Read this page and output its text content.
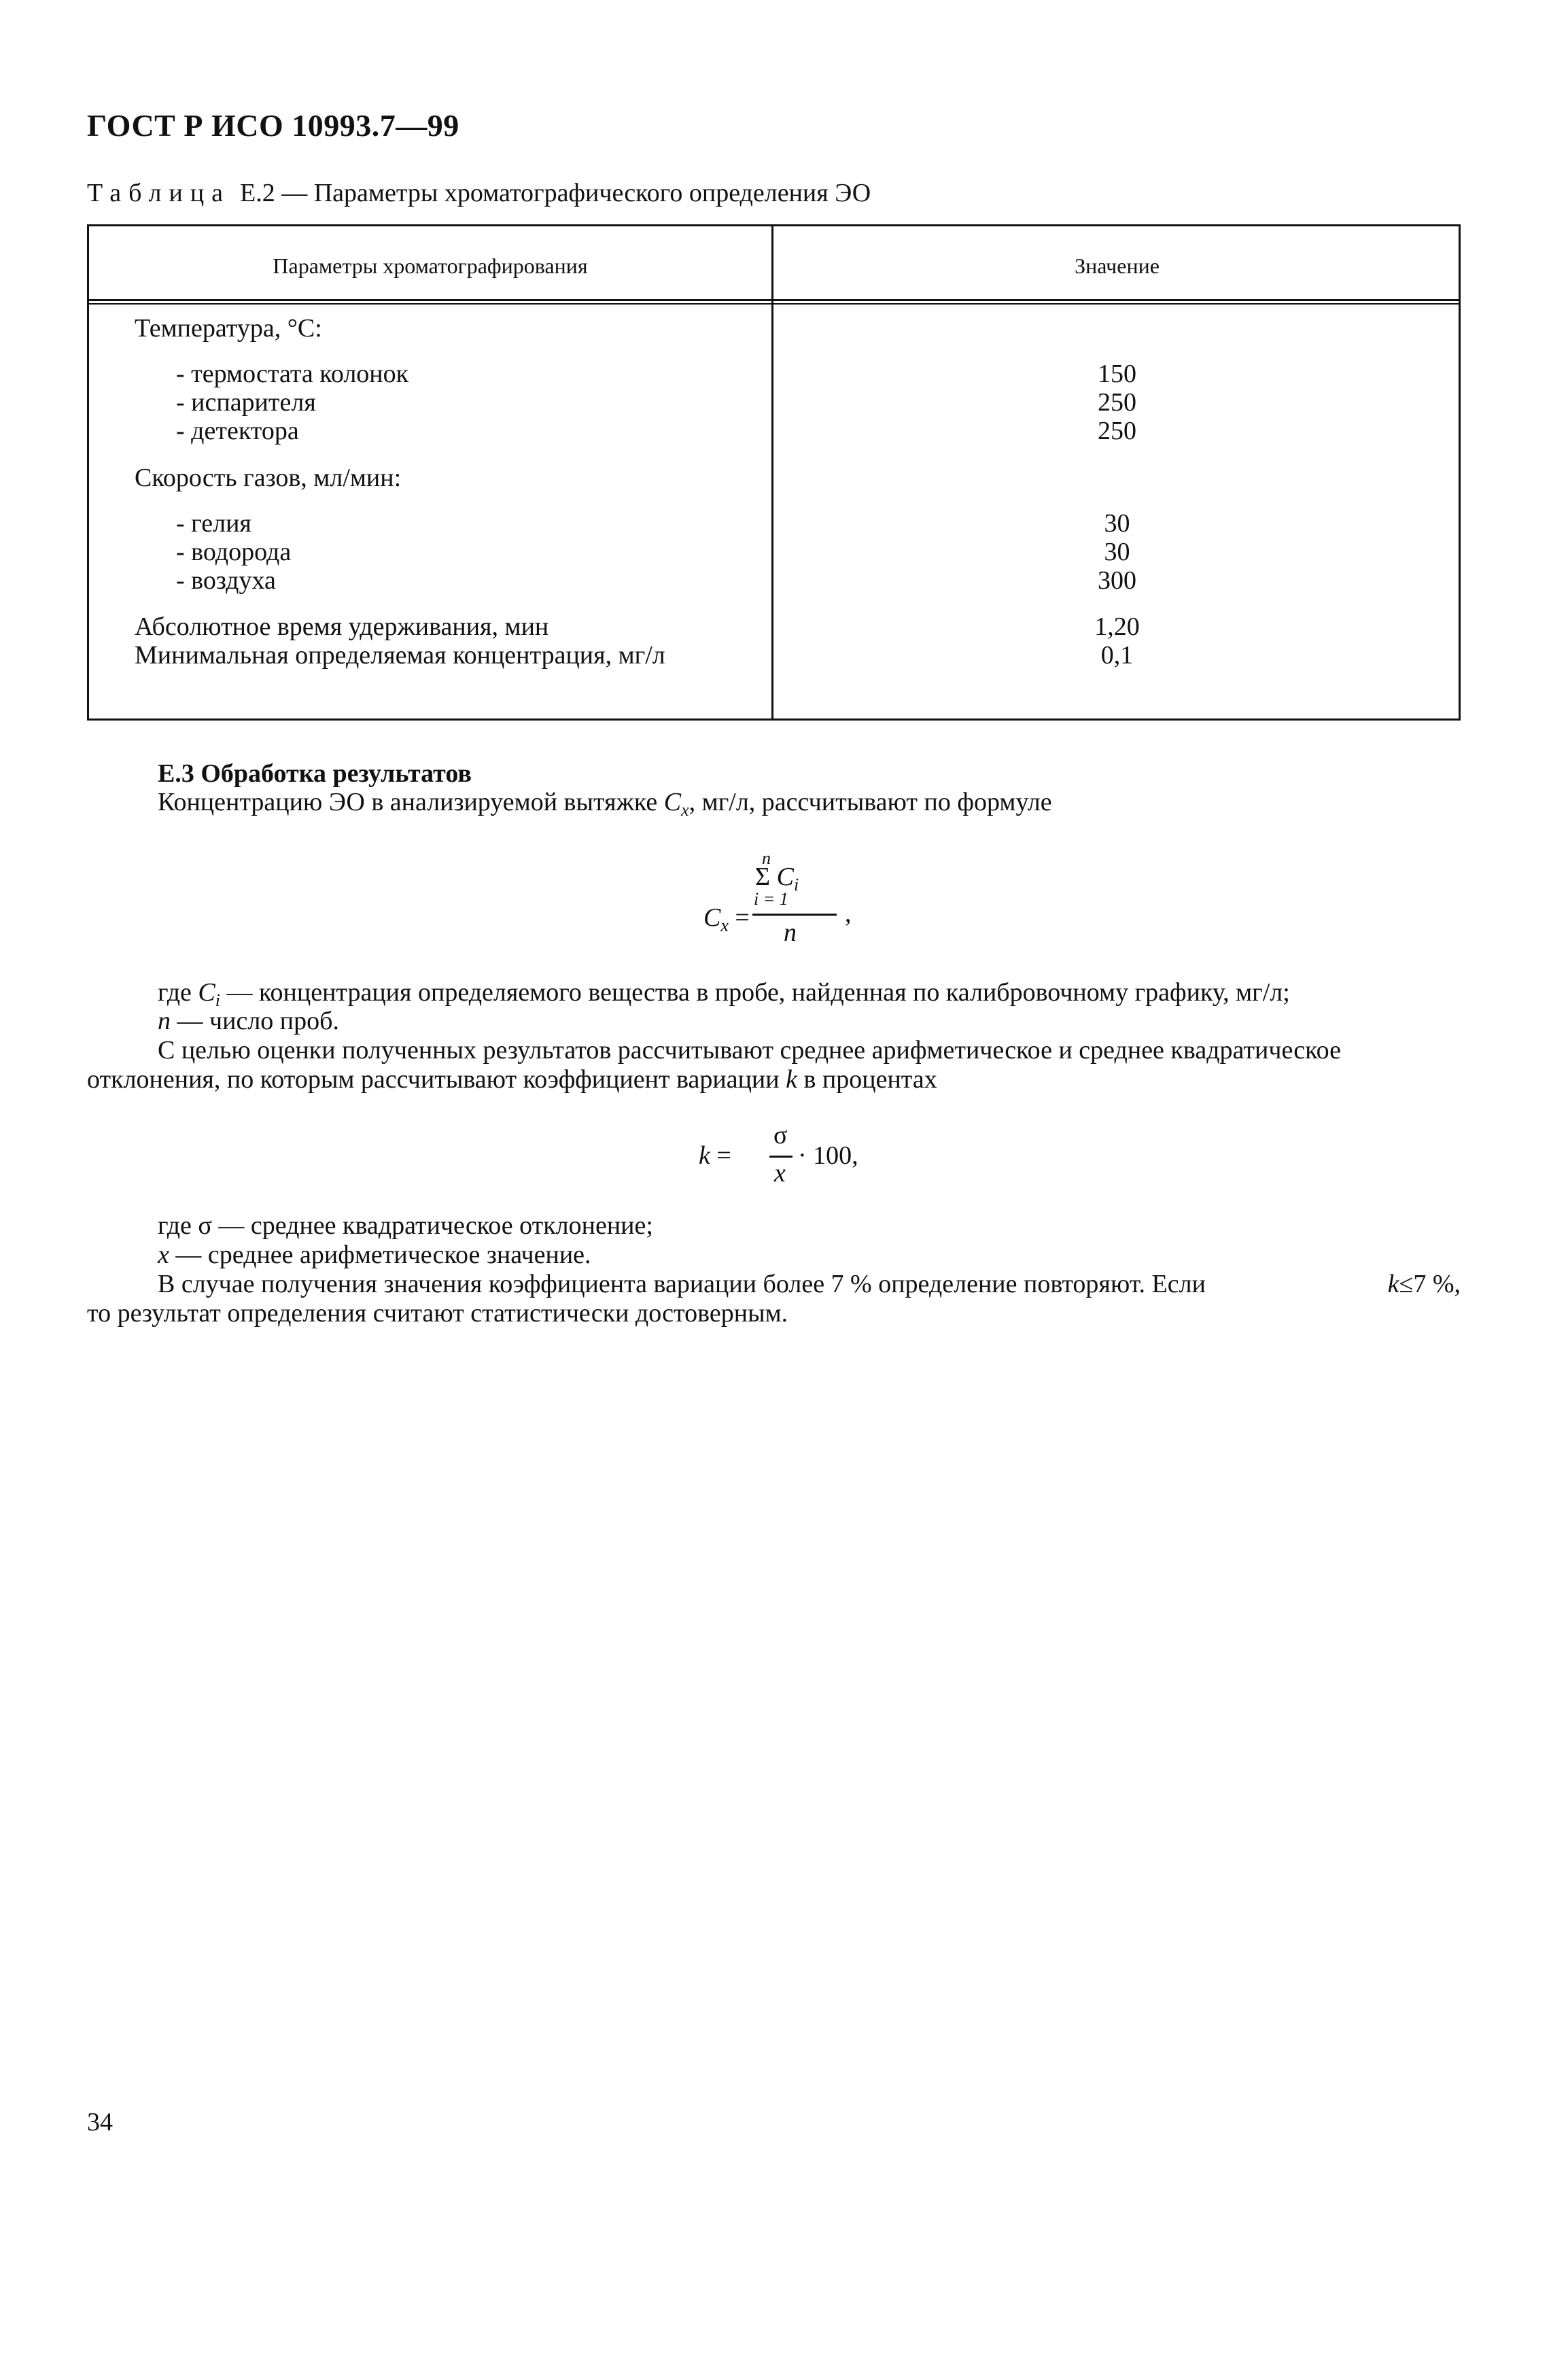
ГОСТ Р ИСО 10993.7—99
Таблица Е.2 — Параметры хроматографического определения ЭО
Параметры хроматографирования	Значение
Температура, °С:
- термостата колонок	150
- испарителя	250
- детектора	250
Скорость газов, мл/мин:
- гелия	30
- водорода	30
- воздуха	300
Абсолютное время удерживания, мин	1,20
Минимальная определяемая концентрация, мг/л	0,1
Е.3 Обработка результатов
Концентрацию ЭО в анализируемой вытяжке $C_x$, мг/л, рассчитывают по формуле
n
Σ $C_i$
$C_x$ =
i = 1
n
,
где $C_i$ — концентрация определяемого вещества в пробе, найденная по калибровочному графику, мг/л;
n — число проб.
С целью оценки полученных результатов рассчитывают среднее арифметическое и среднее квадратическое
отклонения, по которым рассчитывают коэффициент вариации k в процентах
k =
σ
x
· 100,
где σ — среднее квадратическое отклонение;
x — среднее арифметическое значение.
В случае получения значения коэффициента вариации более 7 % определение повторяют. Если	k≤7 %,
то результат определения считают статистически достоверным.
34
